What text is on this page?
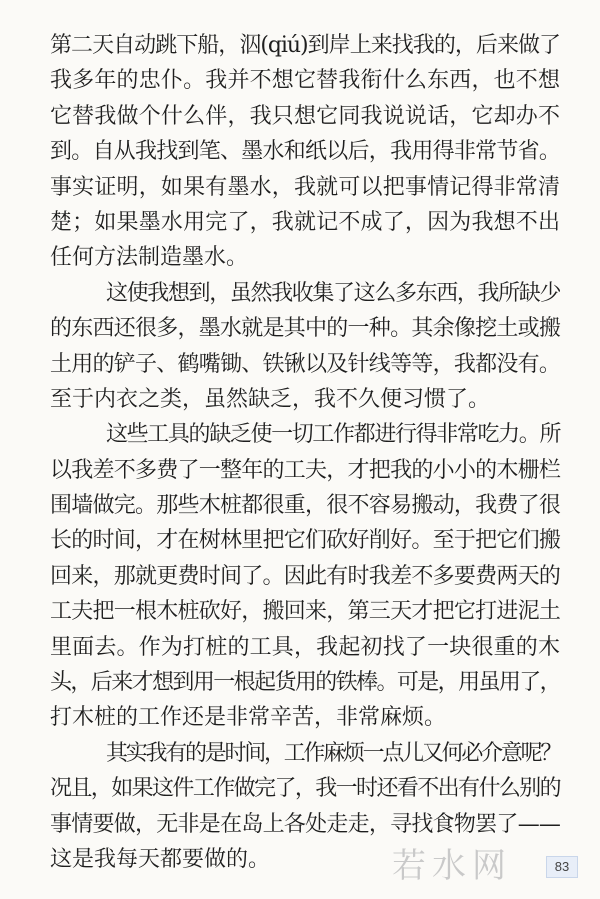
第二天自动跳下船，泅(qiú)到岸上来找我的，后来做了
我多年的忠仆。我并不想它替我衔什么东西，也不想
它替我做个什么伴，我只想它同我说说话，它却办不
到。自从我找到笔、墨水和纸以后，我用得非常节省。
事实证明，如果有墨水，我就可以把事情记得非常清
楚；如果墨水用完了，我就记不成了，因为我想不出
任何方法制造墨水。
这使我想到，虽然我收集了这么多东西，我所缺少
的东西还很多，墨水就是其中的一种。其余像挖土或搬
土用的铲子、鹤嘴锄、铁锹以及针线等等，我都没有。
至于内衣之类，虽然缺乏，我不久便习惯了。
这些工具的缺乏使一切工作都进行得非常吃力。所
以我差不多费了一整年的工夫，才把我的小小的木栅栏
围墙做完。那些木桩都很重，很不容易搬动，我费了很
长的时间，才在树林里把它们砍好削好。至于把它们搬
回来，那就更费时间了。因此有时我差不多要费两天的
工夫把一根木桩砍好，搬回来，第三天才把它打进泥土
里面去。作为打桩的工具，我起初找了一块很重的木
头，后来才想到用一根起货用的铁棒。可是，用虽用了，
打木桩的工作还是非常辛苦，非常麻烦。
其实我有的是时间，工作麻烦一点儿又何必介意呢？
况且，如果这件工作做完了，我一时还看不出有什么别的
事情要做，无非是在岛上各处走走，寻找食物罢了——
这是我每天都要做的。	若水网	83
